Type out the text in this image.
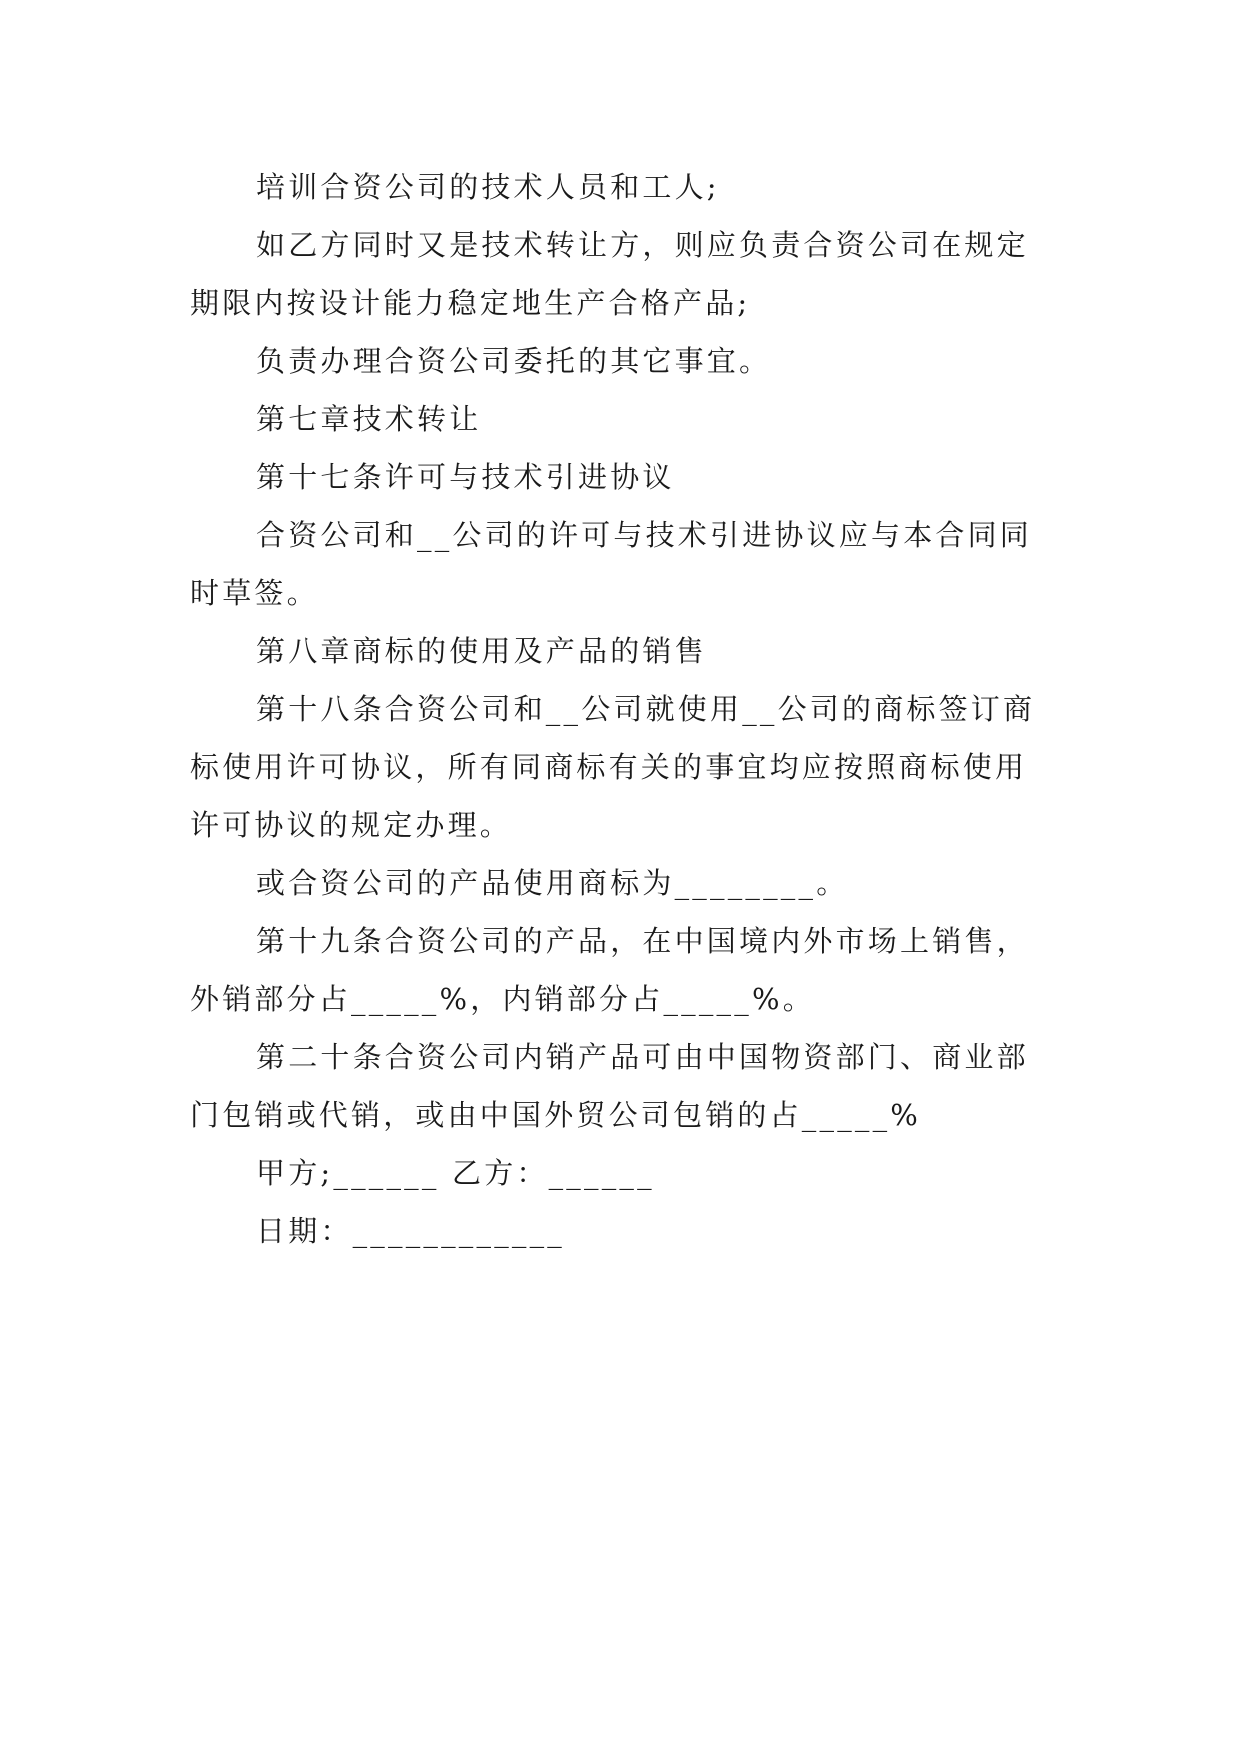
培训合资公司的技术人员和工人;

如乙方同时又是技术转让方，则应负责合资公司在规定期限内按设计能力稳定地生产合格产品;

负责办理合资公司委托的其它事宜。

第七章技术转让

第十七条许可与技术引进协议

合资公司和__公司的许可与技术引进协议应与本合同同时草签。

第八章商标的使用及产品的销售

第十八条合资公司和__公司就使用__公司的商标签订商标使用许可协议，所有同商标有关的事宜均应按照商标使用许可协议的规定办理。

或合资公司的产品使用商标为________。

第十九条合资公司的产品，在中国境内外市场上销售，外销部分占_____%，内销部分占_____%。

第二十条合资公司内销产品可由中国物资部门、商业部门包销或代销，或由中国外贸公司包销的占_____%

甲方;______ 乙方：______

日期：____________
